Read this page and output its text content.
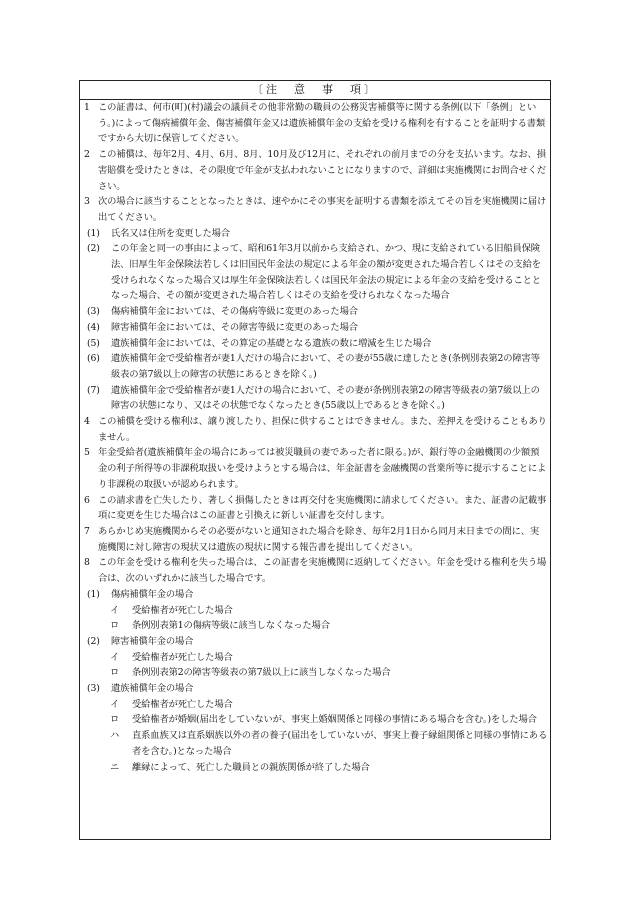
〔注　意　事　項〕
1 この証書は、何市(町)(村)議会の議員その他非常勤の職員の公務災害補償等に関する条例(以下「条例」という。)によって傷病補償年金、傷害補償年金又は遺族補償年金の支給を受ける権利を有することを証明する書類ですから大切に保管してください。
2 この補償は、毎年2月、4月、6月、8月、10月及び12月に、それぞれの前月までの分を支払います。なお、損害賠償を受けたときは、その限度で年金が支払われないことになりますので、詳細は実施機関にお問合せください。
3 次の場合に該当することとなったときは、速やかにその事実を証明する書類を添えてその旨を実施機関に届け出てください。
(1)	氏名又は住所を変更した場合
(2)	この年金と同一の事由によって、昭和61年3月以前から支給され、かつ、現に支給されている旧船員保険法、旧厚生年金保険法若しくは旧国民年金法の規定による年金の額が変更された場合若しくはその支給を受けられなくなった場合又は厚生年金保険法若しくは国民年金法の規定による年金の支給を受けることとなった場合、その額が変更された場合若しくはその支給を受けられなくなった場合
(3)	傷病補償年金においては、その傷病等級に変更のあった場合
(4)	障害補償年金においては、その障害等級に変更のあった場合
(5)	遺族補償年金においては、その算定の基礎となる遺族の数に増減を生じた場合
(6)	遺族補償年金で受給権者が妻1人だけの場合において、その妻が55歳に達したとき(条例別表第2の障害等級表の第7級以上の障害の状態にあるときを除く。)
(7)	遺族補償年金で受給権者が妻1人だけの場合において、その妻が条例別表第2の障害等級表の第7級以上の障害の状態になり、又はその状態でなくなったとき(55歳以上であるときを除く。)
4 この補償を受ける権利は、譲り渡したり、担保に供することはできません。また、差押えを受けることもありません。
5 年金受給者(遺族補償年金の場合にあっては被災職員の妻であった者に限る。)が、銀行等の金融機関の少額預金の利子所得等の非課税取扱いを受けようとする場合は、年金証書を金融機関の営業所等に提示することにより非課税の取扱いが認められます。
6 この請求書を亡失したり、著しく損傷したときは再交付を実施機関に請求してください。また、証書の記載事項に変更を生じた場合はこの証書と引換えに新しい証書を交付します。
7 あらかじめ実施機関からその必要がないと通知された場合を除き、毎年2月1日から同月末日までの間に、実施機関に対し障害の現状又は遺族の現状に関する報告書を提出してください。
8 この年金を受ける権利を失った場合は、この証書を実施機関に返納してください。年金を受ける権利を失う場合は、次のいずれかに該当した場合です。
(1)	傷病補償年金の場合
イ	受給権者が死亡した場合
ロ	条例別表第1の傷病等級に該当しなくなった場合
(2)	障害補償年金の場合
イ	受給権者が死亡した場合
ロ	条例別表第2の障害等級表の第7級以上に該当しなくなった場合
(3)	遺族補償年金の場合
イ	受給権者が死亡した場合
ロ	受給権者が婚姻(届出をしていないが、事実上婚姻関係と同様の事情にある場合を含む。)をした場合
ハ	直系血族又は直系姻族以外の者の養子(届出をしていないが、事実上養子縁組関係と同様の事情にある者を含む。)となった場合
ニ	離縁によって、死亡した職員との親族関係が終了した場合
